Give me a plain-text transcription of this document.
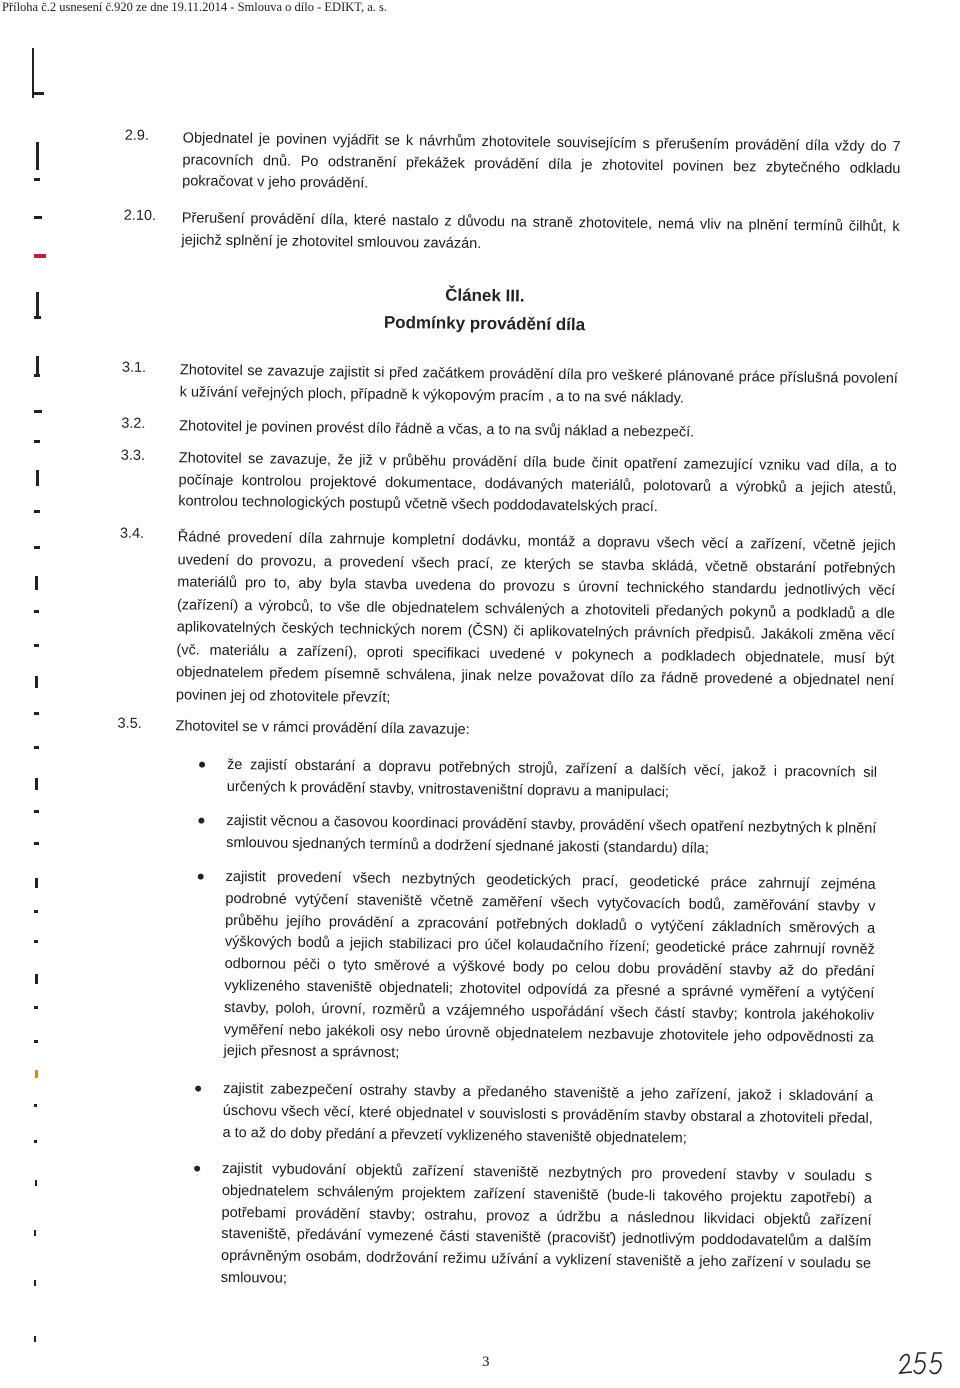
Příloha č.2 usnesení č.920 ze dne 19.11.2014 - Smlouva o dílo - EDIKT, a. s.
2.9. Objednatel je povinen vyjádřit se k návrhům zhotovitele souvisejícím s přerušením provádění díla vždy do 7 pracovních dnů. Po odstranění překážek provádění díla je zhotovitel povinen bez zbytečného odkladu pokračovat v jeho provádění.
2.10. Přerušení provádění díla, které nastalo z důvodu na straně zhotovitele, nemá vliv na plnění termínů čilhůt, k jejichž splnění je zhotovitel smlouvou zavázán.
Článek III.
Podmínky provádění díla
3.1. Zhotovitel se zavazuje zajistit si před začátkem provádění díla pro veškeré plánované práce příslušná povolení k užívání veřejných ploch, případně k výkopovým pracím , a to na své náklady.
3.2. Zhotovitel je povinen provést dílo řádně a včas, a to na svůj náklad a nebezpečí.
3.3. Zhotovitel se zavazuje, že již v průběhu provádění díla bude činit opatření zamezující vzniku vad díla, a to počínaje kontrolou projektové dokumentace, dodávaných materiálů, polotovarů a výrobků a jejich atestů, kontrolou technologických postupů včetně všech poddodavatelských prací.
3.4. Řádné provedení díla zahrnuje kompletní dodávku, montáž a dopravu všech věcí a zařízení, včetně jejich uvedení do provozu, a provedení všech prací, ze kterých se stavba skládá, včetně obstarání potřebných materiálů pro to, aby byla stavba uvedena do provozu s úrovní technického standardu jednotlivých věcí (zařízení) a výrobců, to vše dle objednatelem schválených a zhotoviteli předaných pokynů a podkladů a dle aplikovatelných českých technických norem (ČSN) či aplikovatelných právních předpisů. Jakákoli změna věcí (vč. materiálu a zařízení), oproti specifikaci uvedené v pokynech a podkladech objednatele, musí být objednatelem předem písemně schválena, jinak nelze považovat dílo za řádně provedené a objednatel není povinen jej od zhotovitele převzít;
3.5. Zhotovitel se v rámci provádění díla zavazuje:
že zajistí obstarání a dopravu potřebných strojů, zařízení a dalších věcí, jakož i pracovních sil určených k provádění stavby, vnitrostaveništní dopravu a manipulaci;
zajistit věcnou a časovou koordinaci provádění stavby, provádění všech opatření nezbytných k plnění smlouvou sjednaných termínů a dodržení sjednané jakosti (standardu) díla;
zajistit provedení všech nezbytných geodetických prací, geodetické práce zahrnují zejména podrobné vytýčení staveniště včetně zaměření všech vytyčovacích bodů, zaměřování stavby v průběhu jejího provádění a zpracování potřebných dokladů o vytýčení základních směrových a výškových bodů a jejich stabilizaci pro účel kolaudačního řízení; geodetické práce zahrnují rovněž odbornou péči o tyto směrové a výškové body po celou dobu provádění stavby až do předání vyklizeného staveniště objednateli; zhotovitel odpovídá za přesné a správné vyměření a vytýčení stavby, poloh, úrovní, rozměrů a vzájemného uspořádání všech částí stavby; kontrola jakéhokoliv vyměření nebo jakékoli osy nebo úrovně objednatelem nezbavuje zhotovitele jeho odpovědnosti za jejich přesnost a správnost;
zajistit zabezpečení ostrahy stavby a předaného staveniště a jeho zařízení, jakož i skladování a úschovu všech věcí, které objednatel v souvislosti s prováděním stavby obstaral a zhotoviteli předal, a to až do doby předání a převzetí vyklizeného staveniště objednatelem;
zajistit vybudování objektů zařízení staveniště nezbytných pro provedení stavby v souladu s objednatelem schváleným projektem zařízení staveniště (bude-li takového projektu zapotřebí) a potřebami provádění stavby; ostrahu, provoz a údržbu a následnou likvidaci objektů zařízení staveniště, předávání vymezené části staveniště (pracovišť) jednotlivým poddodavatelům a dalším oprávněným osobám, dodržování režimu užívání a vyklizení staveniště a jeho zařízení v souladu se smlouvou;
3
